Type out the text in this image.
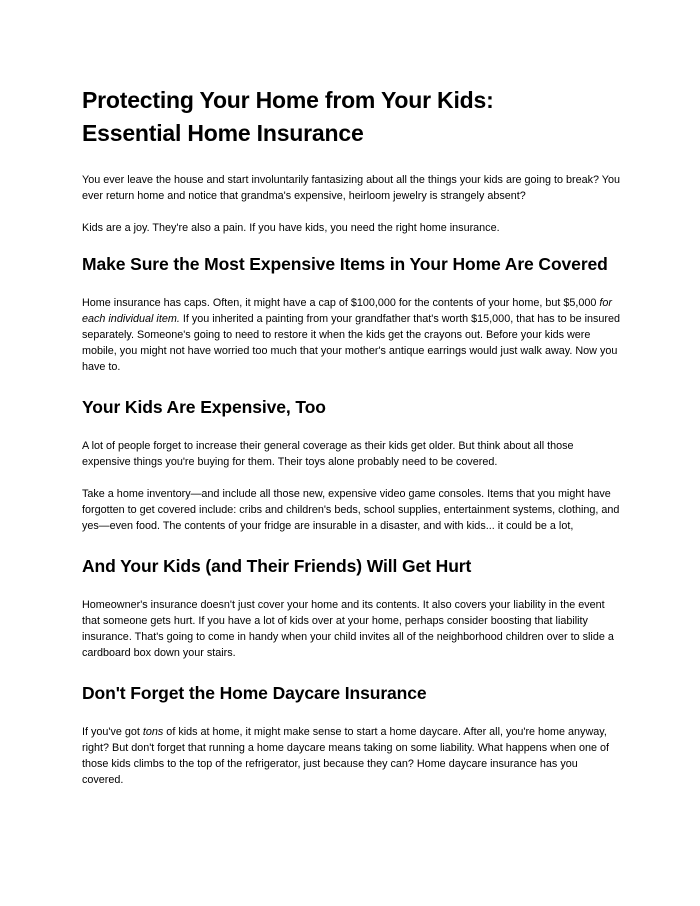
Protecting Your Home from Your Kids:
Essential Home Insurance

You ever leave the house and start involuntarily fantasizing about all the things your kids are going to break? You ever return home and notice that grandma's expensive, heirloom jewelry is strangely absent?

Kids are a joy. They're also a pain. If you have kids, you need the right home insurance.

Make Sure the Most Expensive Items in Your Home Are Covered

Home insurance has caps. Often, it might have a cap of $100,000 for the contents of your home, but $5,000 for each individual item. If you inherited a painting from your grandfather that's worth $15,000, that has to be insured separately. Someone's going to need to restore it when the kids get the crayons out. Before your kids were mobile, you might not have worried too much that your mother's antique earrings would just walk away. Now you have to.

Your Kids Are Expensive, Too

A lot of people forget to increase their general coverage as their kids get older. But think about all those expensive things you're buying for them. Their toys alone probably need to be covered.

Take a home inventory—and include all those new, expensive video game consoles. Items that you might have forgotten to get covered include: cribs and children's beds, school supplies, entertainment systems, clothing, and yes—even food. The contents of your fridge are insurable in a disaster, and with kids... it could be a lot,

And Your Kids (and Their Friends) Will Get Hurt

Homeowner's insurance doesn't just cover your home and its contents. It also covers your liability in the event that someone gets hurt. If you have a lot of kids over at your home, perhaps consider boosting that liability insurance. That's going to come in handy when your child invites all of the neighborhood children over to slide a cardboard box down your stairs.

Don't Forget the Home Daycare Insurance

If you've got tons of kids at home, it might make sense to start a home daycare. After all, you're home anyway, right? But don't forget that running a home daycare means taking on some liability. What happens when one of those kids climbs to the top of the refrigerator, just because they can? Home daycare insurance has you covered.
